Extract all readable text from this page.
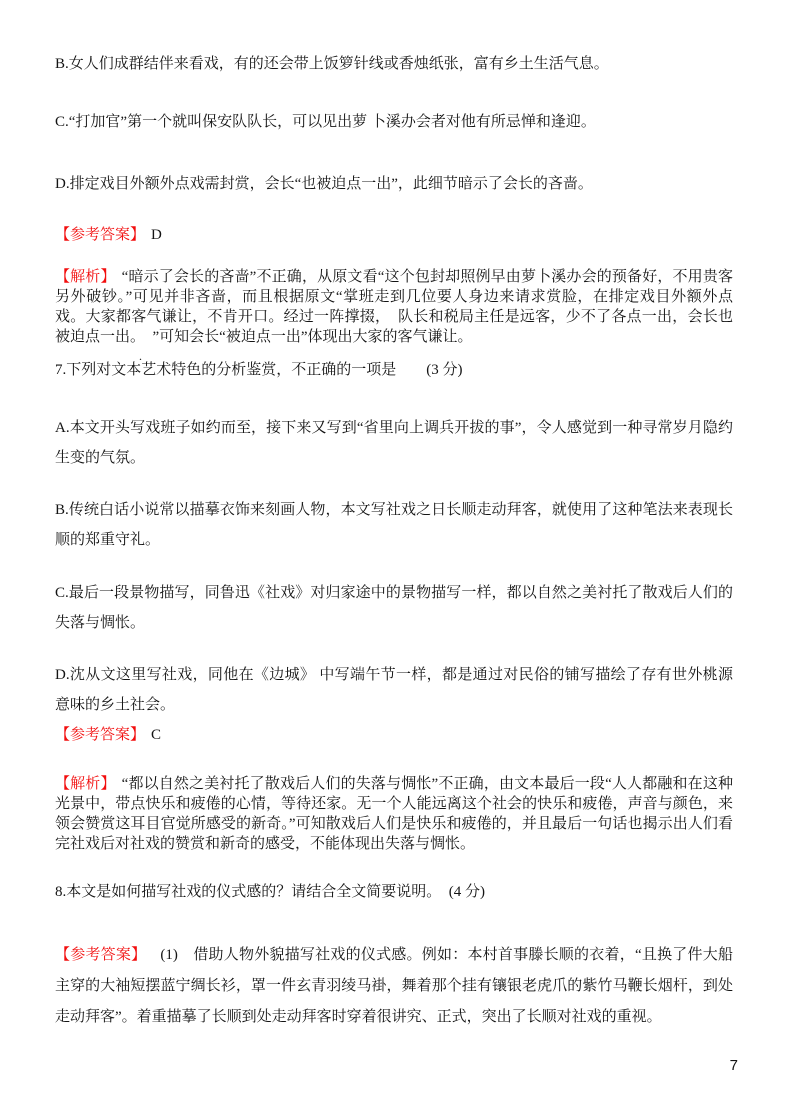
B.女人们成群结伴来看戏，有的还会带上饭箩针线或香烛纸张，富有乡土生活气息。

C.“打加官”第一个就叫保安队队长，可以见出萝 卜溪办会者对他有所忌惮和逢迎。

D.排定戏目外额外点戏需封赏，会长“也被迫点一出”，此细节暗示了会长的吝啬。

【参考答案】 D

【解析】 “暗示了会长的吝啬”不正确，从原文看“这个包封却照例早由萝卜溪办会的预备好，不用贵客另外破钞。”可见并非吝啬，而且根据原文“掌班走到几位要人身边来请求赏脸，在排定戏目外额外点戏。大家都客气谦让，不肯开口。经过一阵撑掇，　队长和税局主任是远客，少不了各点一出，会长也被迫点一出。　”可知会长“被迫点一出”体现出大家的客气谦让。

.

7.下列对文本艺术特色的分析鉴赏，不正确的一项是　　(3 分)

A.本文开头写戏班子如约而至，接下来又写到“省里向上调兵开拔的事”，令人感觉到一种寻常岁月隐约生变的气氛。

B.传统白话小说常以描摹衣饰来刻画人物，本文写社戏之日长顺走动拜客，就使用了这种笔法来表现长顺的郑重守礼。

C.最后一段景物描写，同鲁迅《社戏》对归家途中的景物描写一样，都以自然之美衬托了散戏后人们的失落与惆怅。

D.沈从文这里写社戏，同他在《边城》 中写端午节一样，都是通过对民俗的铺写描绘了存有世外桃源意味的乡土社会。

【参考答案】 C

【解析】 “都以自然之美衬托了散戏后人们的失落与惆怅”不正确，由文本最后一段“人人都融和在这种光景中，带点快乐和疲倦的心情，等待还家。无一个人能远离这个社会的快乐和疲倦，声音与颜色，来领会赞赏这耳目官觉所感受的新奇。”可知散戏后人们是快乐和疲倦的，并且最后一句话也揭示出人们看完社戏后对社戏的赞赏和新奇的感受，不能体现出失落与惆怅。

8.本文是如何描写社戏的仪式感的？请结合全文简要说明。　(4 分)

【参考答案】 (1)　借助人物外貌描写社戏的仪式感。例如：本村首事滕长顺的衣着，“且换了件大船主穿的大袖短摆蓝宁绸长衫，罩一件玄青羽绫马褂，舞着那个挂有镶银老虎爪的紫竹马鞭长烟杆，到处走动拜客”。着重描摹了长顺到处走动拜客时穿着很讲究、正式，突出了长顺对社戏的重视。

7
